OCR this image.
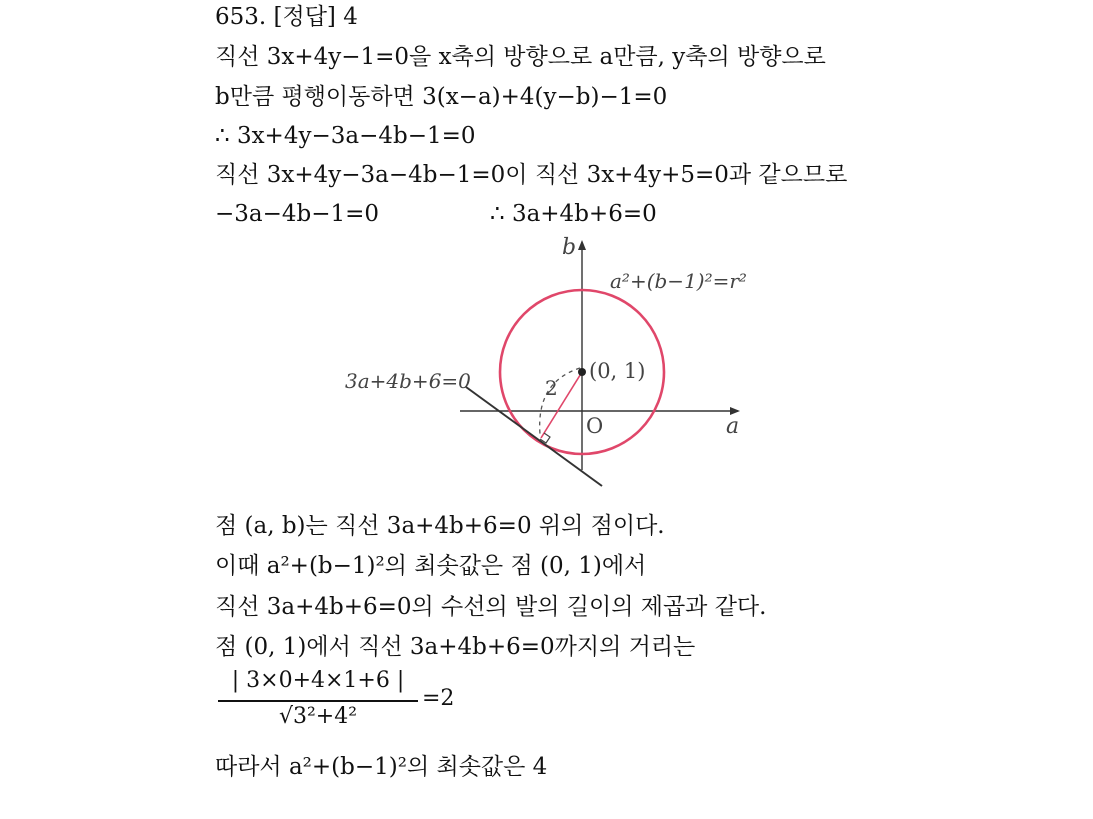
653. [정답] 4
직선 3x+4y−1=0을 x축의 방향으로 a만큼, y축의 방향으로
b만큼 평행이동하면 3(x−a)+4(y−b)−1=0
∴ 3x+4y−3a−4b−1=0
직선 3x+4y−3a−4b−1=0이 직선 3x+4y+5=0과 같으므로
−3a−4b−1=0	∴ 3a+4b+6=0
a
b
O
a²+(b−1)²=r²
3a+4b+6=0	2
(0, 1)
점 (a, b)는 직선 3a+4b+6=0 위의 점이다.
이때 a²+(b−1)²의 최솟값은 점 (0, 1)에서
직선 3a+4b+6=0의 수선의 발의 길이의 제곱과 같다.
점 (0, 1)에서 직선 3a+4b+6=0까지의 거리는
| 3×0+4×1+6 |
√3²+4²
=2
따라서 a²+(b−1)²의 최솟값은 4
